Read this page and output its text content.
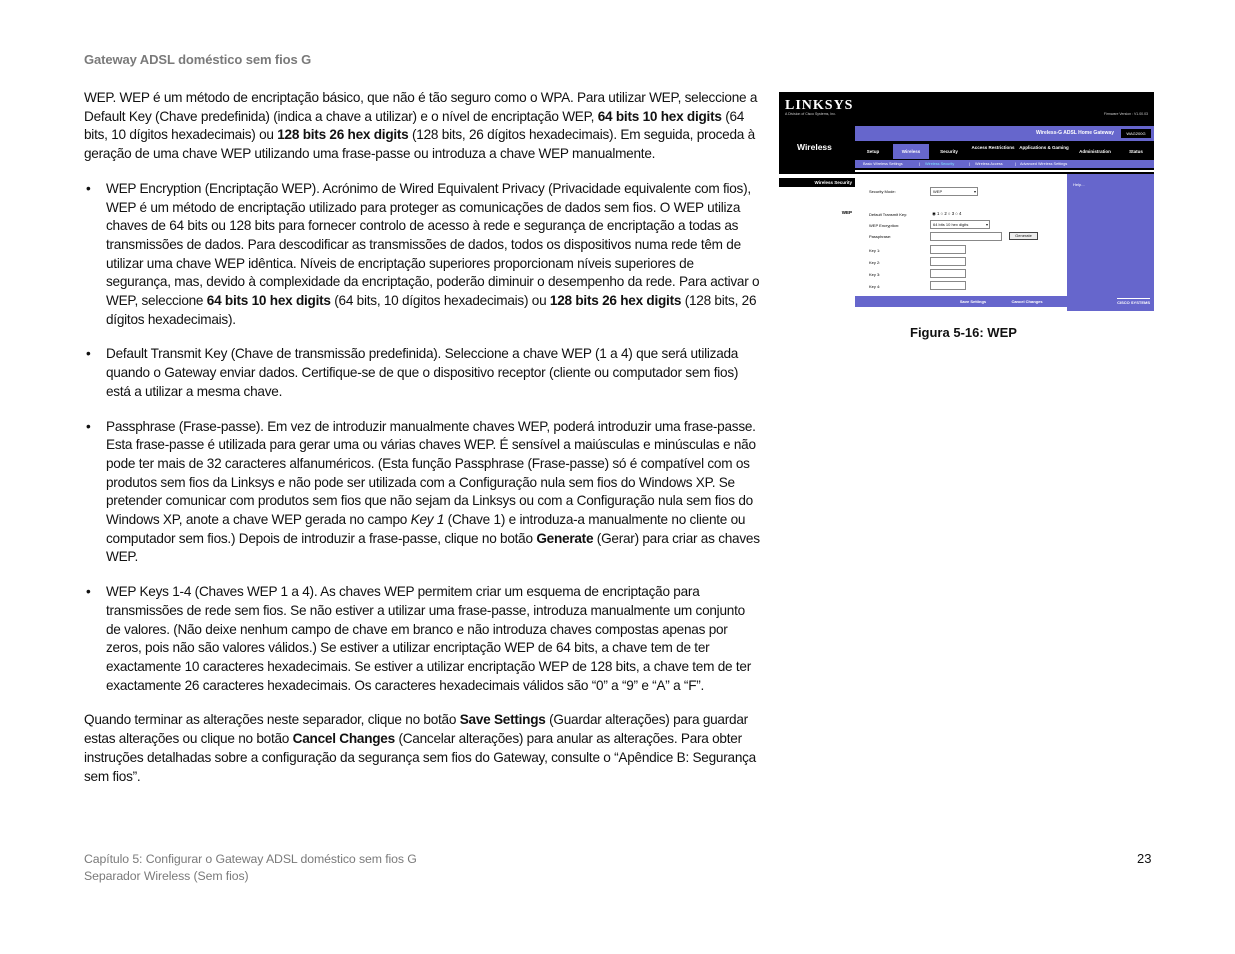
Gateway ADSL doméstico sem fios G

WEP. WEP é um método de encriptação básico, que não é tão seguro como o WPA. Para utilizar WEP, seleccione a Default Key (Chave predefinida) (indica a chave a utilizar) e o nível de encriptação WEP, 64 bits 10 hex digits (64 bits, 10 dígitos hexadecimais) ou 128 bits 26 hex digits (128 bits, 26 dígitos hexadecimais). Em seguida, proceda à geração de uma chave WEP utilizando uma frase-passe ou introduza a chave WEP manualmente.

• WEP Encryption (Encriptação WEP). Acrónimo de Wired Equivalent Privacy (Privacidade equivalente com fios), WEP é um método de encriptação utilizado para proteger as comunicações de dados sem fios. O WEP utiliza chaves de 64 bits ou 128 bits para fornecer controlo de acesso à rede e segurança de encriptação a todas as transmissões de dados. Para descodificar as transmissões de dados, todos os dispositivos numa rede têm de utilizar uma chave WEP idêntica. Níveis de encriptação superiores proporcionam níveis superiores de segurança, mas, devido à complexidade da encriptação, poderão diminuir o desempenho da rede. Para activar o WEP, seleccione 64 bits 10 hex digits (64 bits, 10 dígitos hexadecimais) ou 128 bits 26 hex digits (128 bits, 26 dígitos hexadecimais).
• Default Transmit Key (Chave de transmissão predefinida). Seleccione a chave WEP (1 a 4) que será utilizada quando o Gateway enviar dados. Certifique-se de que o dispositivo receptor (cliente ou computador sem fios) está a utilizar a mesma chave.
• Passphrase (Frase-passe). Em vez de introduzir manualmente chaves WEP, poderá introduzir uma frase-passe. Esta frase-passe é utilizada para gerar uma ou várias chaves WEP. É sensível a maiúsculas e minúsculas e não pode ter mais de 32 caracteres alfanuméricos. (Esta função Passphrase (Frase-passe) só é compatível com os produtos sem fios da Linksys e não pode ser utilizada com a Configuração nula sem fios do Windows XP. Se pretender comunicar com produtos sem fios que não sejam da Linksys ou com a Configuração nula sem fios do Windows XP, anote a chave WEP gerada no campo Key 1 (Chave 1) e introduza-a manualmente no cliente ou computador sem fios.) Depois de introduzir a frase-passe, clique no botão Generate (Gerar) para criar as chaves WEP.
• WEP Keys 1-4 (Chaves WEP 1 a 4). As chaves WEP permitem criar um esquema de encriptação para transmissões de rede sem fios. Se não estiver a utilizar uma frase-passe, introduza manualmente um conjunto de valores. (Não deixe nenhum campo de chave em branco e não introduza chaves compostas apenas por zeros, pois não são valores válidos.) Se estiver a utilizar encriptação WEP de 64 bits, a chave tem de ter exactamente 10 caracteres hexadecimais. Se estiver a utilizar encriptação WEP de 128 bits, a chave tem de ter exactamente 26 caracteres hexadecimais. Os caracteres hexadecimais válidos são “0” a “9” e “A” a “F”.

Quando terminar as alterações neste separador, clique no botão Save Settings (Guardar alterações) para guardar estas alterações ou clique no botão Cancel Changes (Cancelar alterações) para anular as alterações. Para obter instruções detalhadas sobre a configuração da segurança sem fios do Gateway, consulte o “Apêndice B: Segurança sem fios”.

LINKSYS
A Division of Cisco Systems, Inc.	Firmware Version : V1.00.03
Wireless-G ADSL Home Gateway	WAG200G
Wireless	Setup	Wireless	Security
Access Restrictions	Applications & Gaming
Administration	Status
Basic Wireless Settings	| Wireless Security	| Wireless Access	| Advanced Wireless Settings
Wireless Security
WEP
Security Mode:	WEP	▾
Default Transmit Key:	◉ 1 ○ 2 ○ 3 ○ 4
WEP Encryption:	64 bits 10 hex digits	▾
Passphrase:	Generate
Key 1:
Key 2:
Key 3:
Key 4:
Save Settings	Cancel Changes
Help...
CISCO SYSTEMS
Figura 5-16: WEP
Capítulo 5: Configurar o Gateway ADSL doméstico sem fios G
Separador Wireless (Sem fios)
23
